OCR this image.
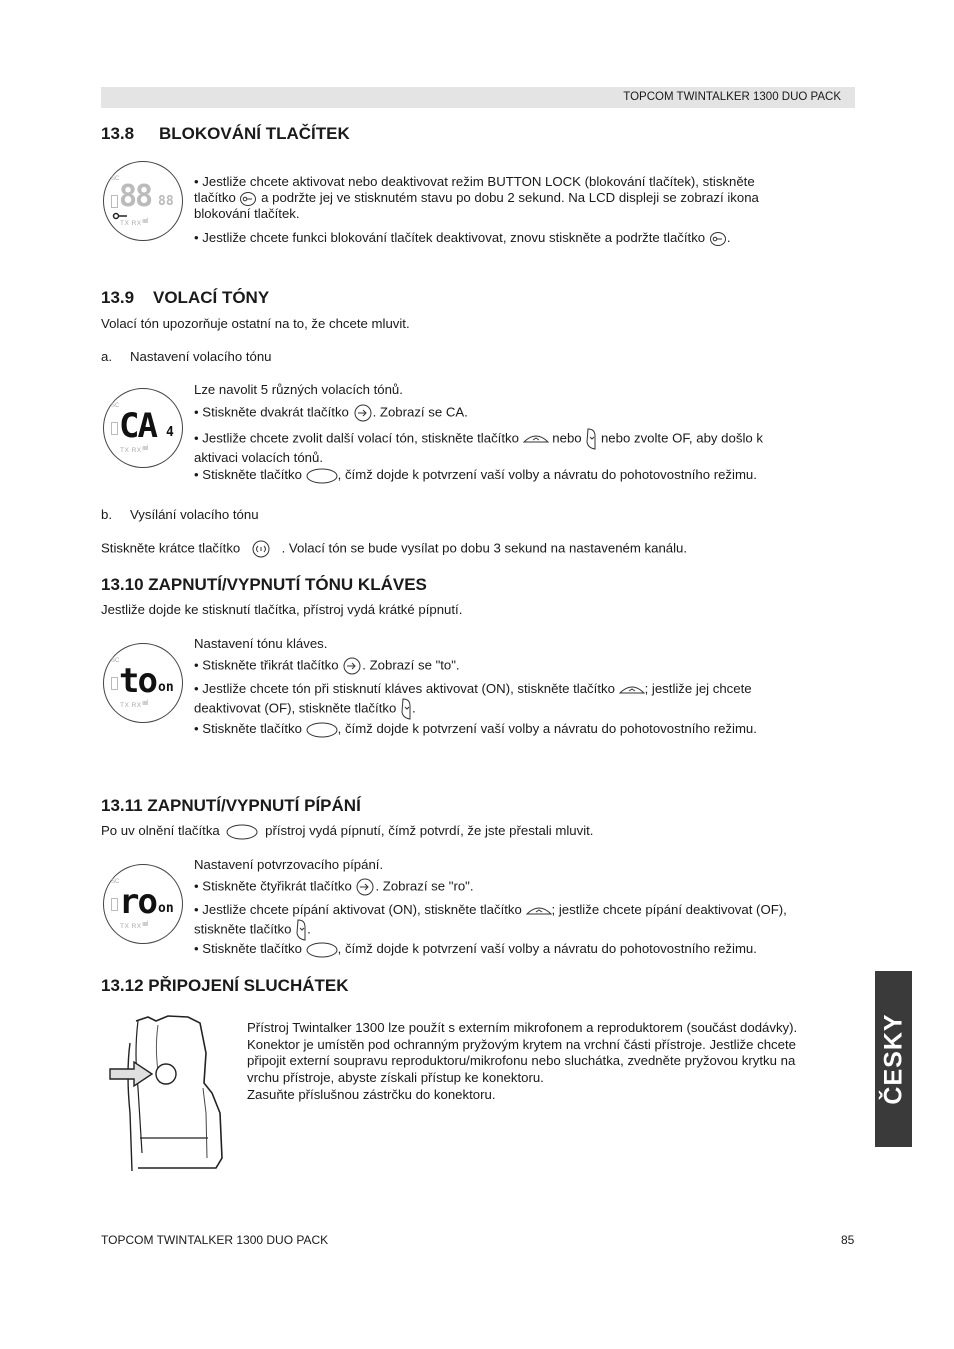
TOPCOM TWINTALKER 1300 DUO PACK
13.8 BLOKOVÁNÍ TLAČÍTEK
SC 88 88
TX RX ıııııl

• Jestliže chcete aktivovat nebo deaktivovat režim BUTTON LOCK (blokování tlačítek), stiskněte

tlačítko a podržte jej ve stisknutém stavu po dobu 2 sekund. Na LCD displeji se zobrazí ikona

blokování tlačítek.

• Jestliže chcete funkci blokování tlačítek deaktivovat, znovu stiskněte a podržte tlačítko .

13.9 VOLACÍ TÓNY

Volací tón upozorňuje ostatní na to, že chcete mluvit.

a. Nastavení volacího tónu

SC CA 4
TX RX ıııııl

Lze navolit 5 různých volacích tónů.

• Stiskněte dvakrát tlačítko . Zobrazí se CA.

• Jestliže chcete zvolit další volací tón, stiskněte tlačítko	nebo nebo zvolte OF, aby došlo k
aktivaci volacích tónů.

• Stiskněte tlačítko	, čímž dojde k potvrzení vaší volby a návratu do pohotovostního režimu.

b. Vysílání volacího tónu

Stiskněte krátce tlačítko	. Volací tón se bude vysílat po dobu 3 sekund na nastaveném kanálu.

13.10 ZAPNUTÍ/VYPNUTÍ TÓNU KLÁVES

Jestliže dojde ke stisknutí tlačítka, přístroj vydá krátké pípnutí.

SC to on
TX RX ıııııl

Nastavení tónu kláves.

• Stiskněte třikrát tlačítko . Zobrazí se "to".

• Jestliže chcete tón při stisknutí kláves aktivovat (ON), stiskněte tlačítko ; jestliže jej chcete
deaktivovat (OF), stiskněte tlačítko .

• Stiskněte tlačítko	, čímž dojde k potvrzení vaší volby a návratu do pohotovostního režimu.

13.11 ZAPNUTÍ/VYPNUTÍ PÍPÁNÍ

Po uv olnění tlačítka	přístroj vydá pípnutí, čímž potvrdí, že jste přestali mluvit.

SC ro on
TX RX ıııııl

Nastavení potvrzovacího pípání.

• Stiskněte čtyřikrát tlačítko . Zobrazí se "ro".

• Jestliže chcete pípání aktivovat (ON), stiskněte tlačítko ; jestliže chcete pípání deaktivovat (OF),
stiskněte tlačítko .

• Stiskněte tlačítko	, čímž dojde k potvrzení vaší volby a návratu do pohotovostního režimu.

13.12 PŘIPOJENÍ SLUCHÁTEK

Přístroj Twintalker 1300 lze použít s externím mikrofonem a reproduktorem (součást dodávky).

Konektor je umístěn pod ochranným pryžovým krytem na vrchní části přístroje. Jestliže chcete

připojit externí soupravu reproduktoru/mikrofonu nebo sluchátka, zvedněte pryžovou krytku na

vrchu přístroje, abyste získali přístup ke konektoru.

Zasuňte příslušnou zástrčku do konektoru.	ČESKY

TOPCOM TWINTALKER 1300 DUO PACK	85
